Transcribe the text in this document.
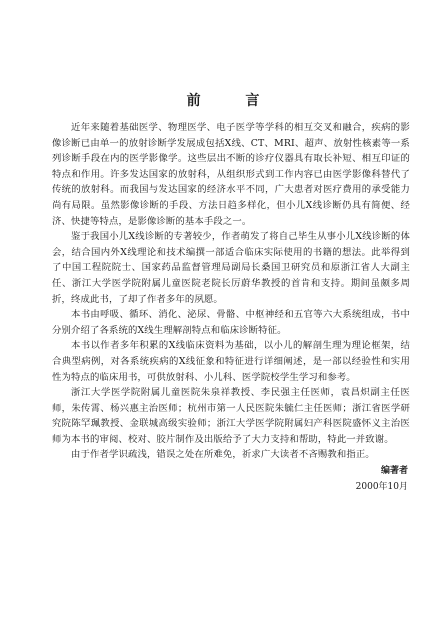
前 言

近年来随着基础医学、物理医学、电子医学等学科的相互交叉和融合，疾病的影像诊断已由单一的放射诊断学发展成包括X线、CT、MRI、超声、放射性核素等一系列诊断手段在内的医学影像学。这些层出不断的诊疗仪器具有取长补短、相互印证的特点和作用。许多发达国家的放射科，从组织形式到工作内容已由医学影像科替代了传统的放射科。而我国与发达国家的经济水平不同，广大患者对医疗费用的承受能力尚有局限。虽然影像诊断的手段、方法日趋多样化，但小儿X线诊断仍具有简便、经济、快捷等特点，是影像诊断的基本手段之一。

鉴于我国小儿X线诊断的专著较少，作者萌发了将自己毕生从事小儿X线诊断的体会，结合国内外X线理论和技术编撰一部适合临床实际使用的书籍的想法。此举得到了中国工程院院士、国家药品监督管理局副局长桑国卫研究员和原浙江省人大副主任、浙江大学医学院附属儿童医院老院长厉蔚华教授的首肯和支持。期间虽颇多周折，终成此书，了却了作者多年的夙愿。

本书由呼吸、循环、消化、泌尿、骨骼、中枢神经和五官等六大系统组成，书中分别介绍了各系统的X线生理解剖特点和临床诊断特征。

本书以作者多年积累的X线临床资料为基础，以小儿的解剖生理为理论框架，结合典型病例，对各系统疾病的X线征象和特征进行详细阐述，是一部以经验性和实用性为特点的临床用书，可供放射科、小儿科、医学院校学生学习和参考。

浙江大学医学院附属儿童医院朱泉祥教授、李民强主任医师，袁昌炽副主任医师，朱传霄、杨兴惠主治医师；杭州市第一人民医院朱毓仁主任医师；浙江省医学研究院陈罕珮教授、金联城高级实验师；浙江大学医学院附属妇产科医院盛怀义主治医师为本书的审阅、校对、胶片制作及出版给予了大力支持和帮助，特此一并致谢。

由于作者学识疏浅，错误之处在所难免，祈求广大读者不吝赐教和指正。

编著者
2000年10月
